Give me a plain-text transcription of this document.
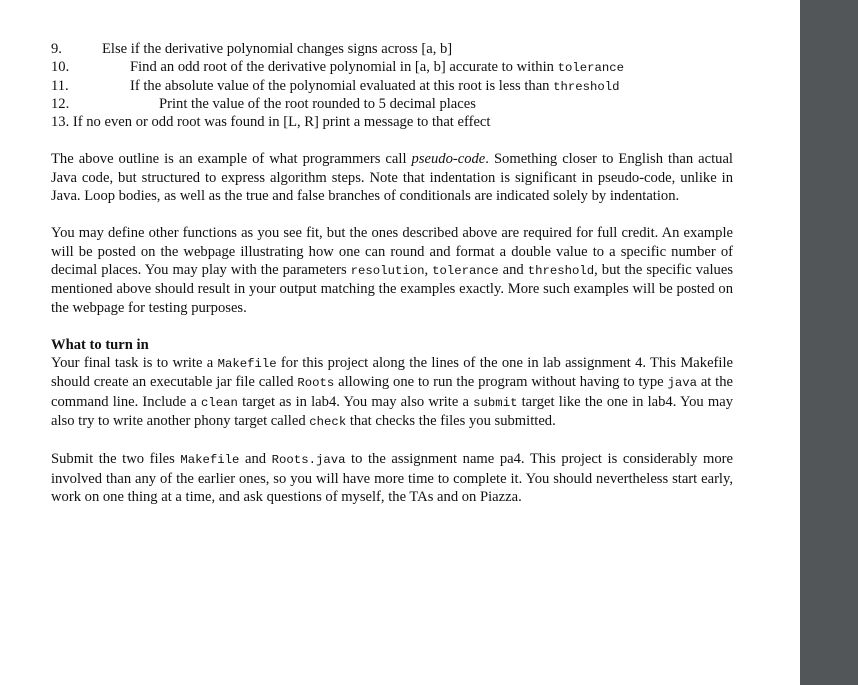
9.	Else if the derivative polynomial changes signs across [a, b]
10.	Find an odd root of the derivative polynomial in [a, b] accurate to within tolerance
11.	If the absolute value of the polynomial evaluated at this root is less than threshold
12.	Print the value of the root rounded to 5 decimal places
13. If no even or odd root was found in [L, R] print a message to that effect

The above outline is an example of what programmers call pseudo-code. Something closer to English than actual Java code, but structured to express algorithm steps. Note that indentation is significant in pseudo-code, unlike in Java. Loop bodies, as well as the true and false branches of conditionals are indicated solely by indentation.

You may define other functions as you see fit, but the ones described above are required for full credit. An example will be posted on the webpage illustrating how one can round and format a double value to a specific number of decimal places. You may play with the parameters resolution, tolerance and threshold, but the specific values mentioned above should result in your output matching the examples exactly. More such examples will be posted on the webpage for testing purposes.

What to turn in

Your final task is to write a Makefile for this project along the lines of the one in lab assignment 4. This Makefile should create an executable jar file called Roots allowing one to run the program without having to type java at the command line. Include a clean target as in lab4. You may also write a submit target like the one in lab4. You may also try to write another phony target called check that checks the files you submitted.

Submit the two files Makefile and Roots.java to the assignment name pa4. This project is considerably more involved than any of the earlier ones, so you will have more time to complete it. You should nevertheless start early, work on one thing at a time, and ask questions of myself, the TAs and on Piazza.
